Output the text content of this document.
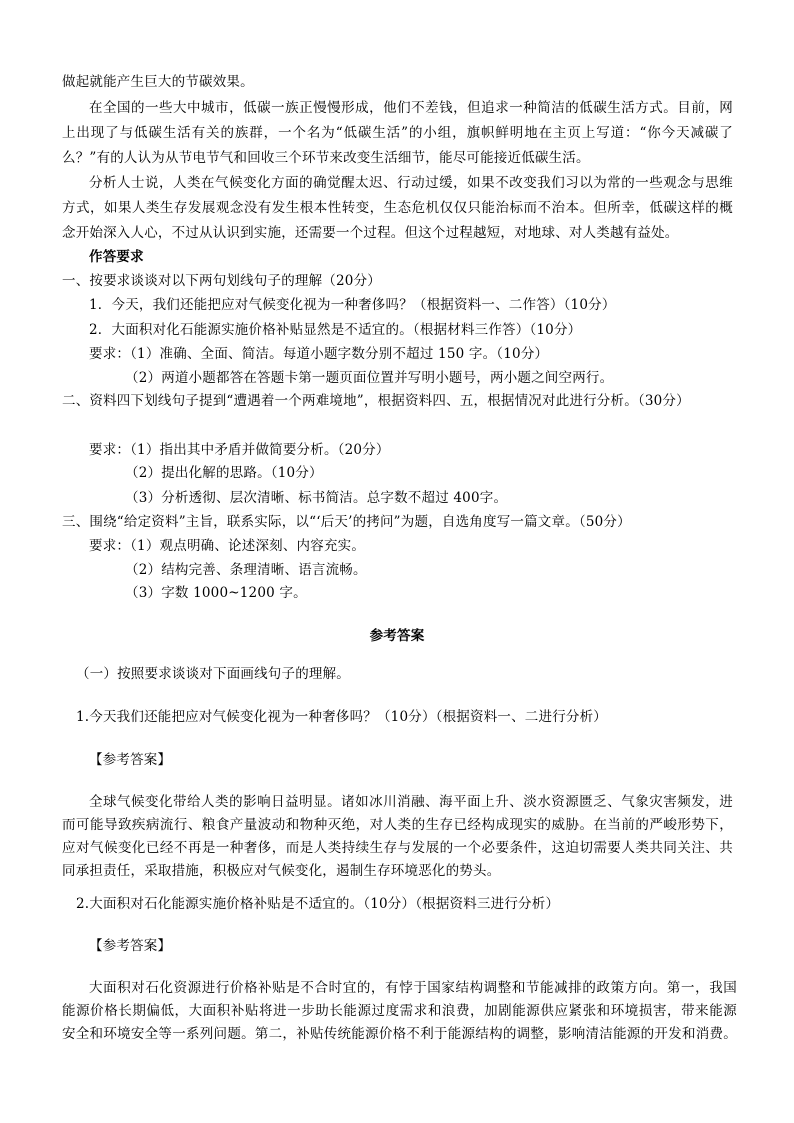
做起就能产生巨大的节碳效果。
在全国的一些大中城市，低碳一族正慢慢形成，他们不差钱，但追求一种简洁的低碳生活方式。目前，网
上出现了与低碳生活有关的族群，一个名为“低碳生活”的小组，旗帜鲜明地在主页上写道：“你今天减碳了
么？”有的人认为从节电节气和回收三个环节来改变生活细节，能尽可能接近低碳生活。
分析人士说，人类在气候变化方面的确觉醒太迟、行动过缓，如果不改变我们习以为常的一些观念与思维
方式，如果人类生存发展观念没有发生根本性转变，生态危机仅仅只能治标而不治本。但所幸，低碳这样的概
念开始深入人心，不过从认识到实施，还需要一个过程。但这个过程越短，对地球、对人类越有益处。
作答要求
一、按要求谈谈对以下两句划线句子的理解（20分）
1．今天，我们还能把应对气候变化视为一种奢侈吗？（根据资料一、二作答）（10分）
2．大面积对化石能源实施价格补贴显然是不适宜的。（根据材料三作答）（10分）
要求：（1）准确、全面、简洁。每道小题字数分别不超过 150 字。（10分）
（2）两道小题都答在答题卡第一题页面位置并写明小题号，两小题之间空两行。
二、资料四下划线句子提到“遭遇着一个两难境地”，根据资料四、五，根据情况对此进行分析。（30分）
要求：（1）指出其中矛盾并做简要分析。（20分）
（2）提出化解的思路。（10分）
（3）分析透彻、层次清晰、标书简洁。总字数不超过 400字。
三、围绕“给定资料”主旨，联系实际，以“‘后天’的拷问”为题，自选角度写一篇文章。（50分）
要求：（1）观点明确、论述深刻、内容充实。
（2）结构完善、条理清晰、语言流畅。
（3）字数 1000~1200 字。
参考答案
（一）按照要求谈谈对下面画线句子的理解。
1.今天我们还能把应对气候变化视为一种奢侈吗？（10分）（根据资料一、二进行分析）
【参考答案】
全球气候变化带给人类的影响日益明显。诸如冰川消融、海平面上升、淡水资源匮乏、气象灾害频发，进
而可能导致疾病流行、粮食产量波动和物种灭绝，对人类的生存已经构成现实的威胁。在当前的严峻形势下，
应对气候变化已经不再是一种奢侈，而是人类持续生存与发展的一个必要条件，这迫切需要人类共同关注、共
同承担责任，采取措施，积极应对气候变化，遏制生存环境恶化的势头。
2.大面积对石化能源实施价格补贴是不适宜的。（10分）（根据资料三进行分析）
【参考答案】
大面积对石化资源进行价格补贴是不合时宜的，有悖于国家结构调整和节能减排的政策方向。第一，我国
能源价格长期偏低，大面积补贴将进一步助长能源过度需求和浪费，加剧能源供应紧张和环境损害，带来能源
安全和环境安全等一系列问题。第二，补贴传统能源价格不利于能源结构的调整，影响清洁能源的开发和消费。
